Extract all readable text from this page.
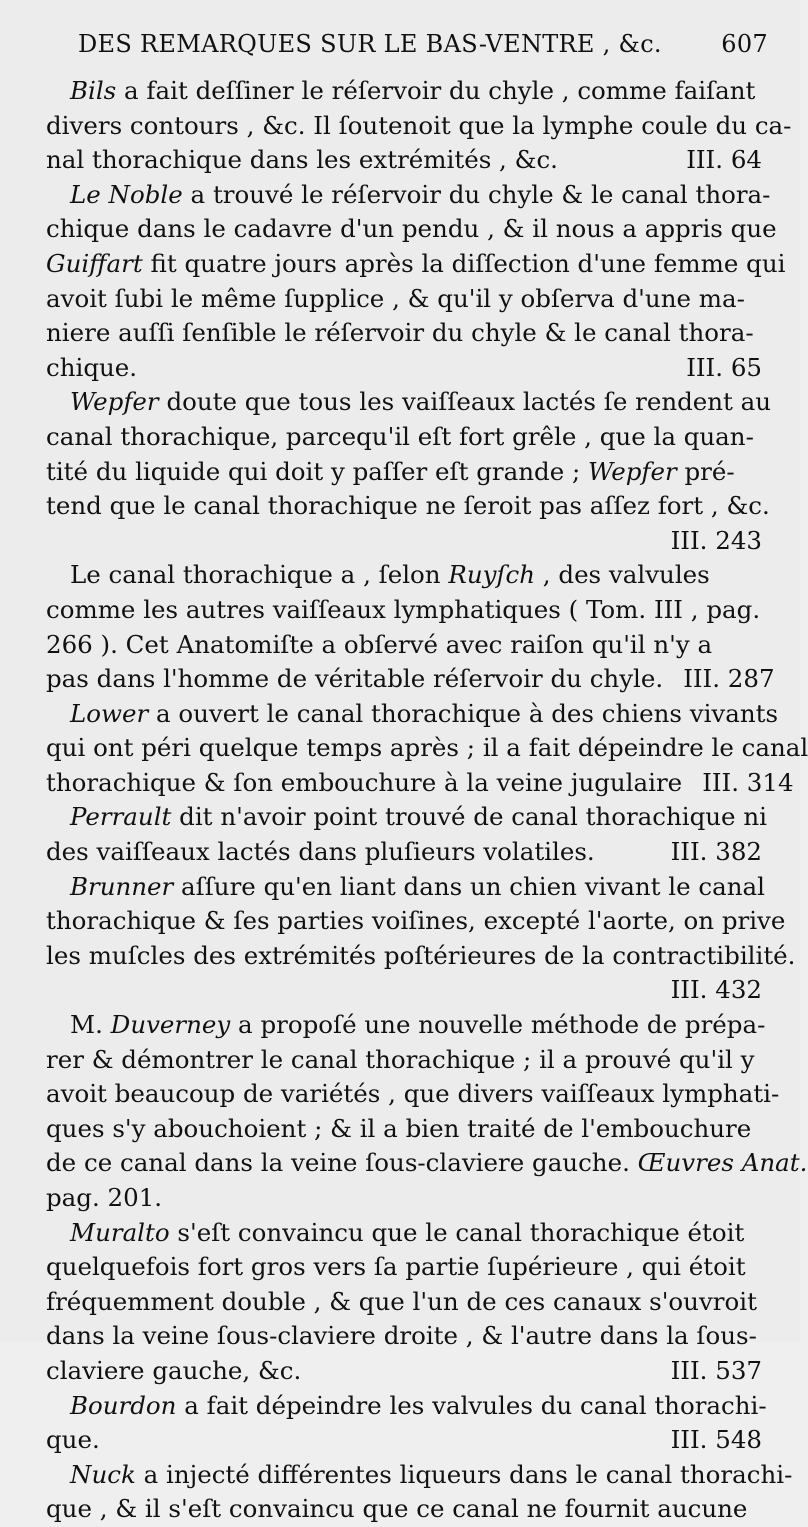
DES REMARQUES SUR LE BAS-VENTRE , &c. 607
Bils a fait deſſiner le réſervoir du chyle , comme faiſant
divers contours , &c. Il ſoutenoit que la lymphe coule du ca-
nal thorachique dans les extrémités , &c.	III. 64
Le Noble a trouvé le réſervoir du chyle & le canal thora-
chique dans le cadavre d'un pendu , & il nous a appris que
Guiffart fit quatre jours après la diſſection d'une femme qui
avoit ſubi le même ſupplice , & qu'il y obſerva d'une ma-
niere auſſi ſenſible le réſervoir du chyle & le canal thora-
chique.	III. 65
Wepfer doute que tous les vaiſſeaux lactés ſe rendent au
canal thorachique, parcequ'il eſt fort grêle , que la quan-
tité du liquide qui doit y paſſer eſt grande ; Wepfer pré-
tend que le canal thorachique ne ſeroit pas aſſez fort , &c.
III. 243
Le canal thorachique a , ſelon Ruyſch , des valvules
comme les autres vaiſſeaux lymphatiques ( Tom. III , pag.
266 ). Cet Anatomiſte a obſervé avec raiſon qu'il n'y a
pas dans l'homme de véritable réſervoir du chyle. III. 287
Lower a ouvert le canal thorachique à des chiens vivants
qui ont péri quelque temps après ; il a fait dépeindre le canal
thorachique & ſon embouchure à la veine jugulaire III. 314
Perrault dit n'avoir point trouvé de canal thorachique ni
des vaiſſeaux lactés dans pluſieurs volatiles.	III. 382
Brunner aſſure qu'en liant dans un chien vivant le canal
thorachique & ſes parties voiſines, excepté l'aorte, on prive
les muſcles des extrémités poſtérieures de la contractibilité.
III. 432
M. Duverney a propoſé une nouvelle méthode de prépa-
rer & démontrer le canal thorachique ; il a prouvé qu'il y
avoit beaucoup de variétés , que divers vaiſſeaux lymphati-
ques s'y abouchoient ; & il a bien traité de l'embouchure
de ce canal dans la veine ſous-claviere gauche. Œuvres Anat.
pag. 201.
Muralto s'eſt convaincu que le canal thorachique étoit
quelquefois fort gros vers ſa partie ſupérieure , qui étoit
fréquemment double , & que l'un de ces canaux s'ouvroit
dans la veine ſous-claviere droite , & l'autre dans la ſous-
claviere gauche, &c.	III. 537
Bourdon a fait dépeindre les valvules du canal thorachi-
que.	III. 548
Nuck a injecté différentes liqueurs dans le canal thorachi-
que , & il s'eſt convaincu que ce canal ne fournit aucune
